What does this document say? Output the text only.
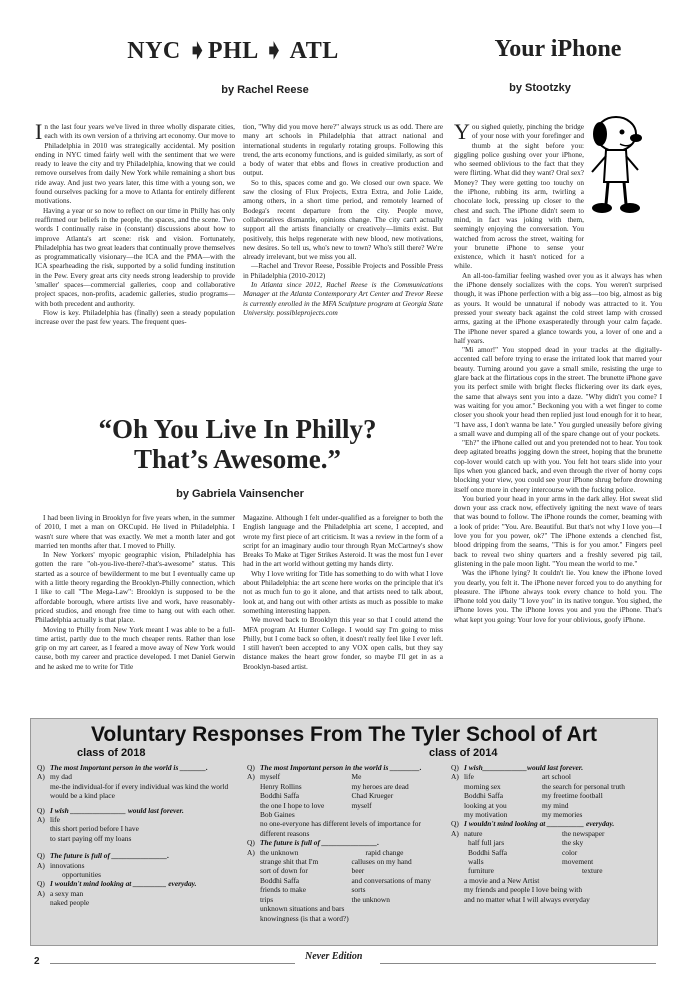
NYC ➧PHL ➧ ATL

by Rachel Reese

In the last four years we've lived in three wholly disparate cities, each with its own version of a thriving art economy. Our move to Philadelphia in 2010 was strategically accidental. My position ending in NYC timed fairly well with the sentiment that we were ready to leave the city and try Philadelphia, knowing that we could remove ourselves from daily New York while remaining a short bus ride away. And just two years later, this time with a young son, we found ourselves packing for a move to Atlanta for entirely different motivations.

Having a year or so now to reflect on our time in Philly has only reaffirmed our beliefs in the people, the spaces, and the scene. Two words I continually raise in (constant) discussions about how to improve Atlanta's art scene: risk and vision. Fortunately, Philadelphia has two great leaders that continually prove themselves as programmatically visionary—the ICA and the PMA—with the ICA spearheading the risk, supported by a solid funding institution in the Pew. Every great arts city needs strong leadership to provide 'smaller' spaces—commercial galleries, coop and collaborative project spaces, non-profits, academic galleries, studio programs—with both precedent and authority.

Flow is key. Philadelphia has (finally) seen a steady population increase over the past few years. The frequent ques-

tion, "Why did you move here?" always struck us as odd. There are many art schools in Philadelphia that attract national and international students in regularly rotating groups. Following this trend, the arts economy functions, and is guided similarly, as sort of a body of water that ebbs and flows in creative production and output.

So to this, spaces come and go. We closed our own space. We saw the closing of Flux Projects, Extra Extra, and Jolie Laide, among others, in a short time period, and remotely learned of Bodega's recent departure from the city. People move, collaboratives dismantle, opinions change. The city can't actually support all the artists financially or creatively—limits exist. But positively, this helps regenerate with new blood, new motivations, new desires. So tell us, who's new to town? Who's still there? We're already irrelevant, but we miss you all.

—Rachel and Trevor Reese, Possible Projects and Possible Press in Philadelphia (2010-2012)

In Atlanta since 2012, Rachel Reese is the Communications Manager at the Atlanta Contemporary Art Center and Trevor Reese is currently enrolled in the MFA Sculpture program at Georgia State University. possibleprojects.com

Your iPhone

by Stootzky

You sighed quietly, pinching the bridge of your nose with your forefinger and thumb at the sight before you: giggling police gushing over your iPhone, who seemed oblivious to the fact that they were flirting. What did they want? Oral sex? Money? They were getting too touchy on the iPhone, rubbing its arm, twirling a chocolate lock, pressing up closer to the chest and such. The iPhone didn't seem to mind, in fact was joking with them, seemingly enjoying the conversation. You watched from across the street, waiting for your brunette iPhone to sense your existence, which it hasn't noticed for a while.

An all-too-familiar feeling washed over you as it always has when the iPhone densely socializes with the cops. You weren't surprised though, it was iPhone perfection with a big ass—too big, almost as big as yours. It would be unnatural if nobody was attracted to it. You pressed your sweaty back against the cold street lamp with crossed arms, gazing at the iPhone exasperatedly through your calm façade. The iPhone never spared a glance towards you, a lover of one and a half years.

"Mi amor!" You stopped dead in your tracks at the digitally-accented call before trying to erase the irritated look that marred your beauty. Turning around you gave a small smile, resisting the urge to glare back at the flirtatious cops in the street. The brunette iPhone gave you its perfect smile with bright flecks flickering over its dark eyes, the same that always sent you into a daze. "Why didn't you come? I was waiting for you amor." Beckoning you with a wet finger to come closer you shook your head then replied just loud enough for it to hear, "I have ass, I don't wanna be late." You gurgled uneasily before giving a small wave and dumping all of the spare change out of your pockets.

"Eh?" the iPhone called out and you pretended not to hear. You took deep agitated breaths jogging down the street, hoping that the brunette cop-lover would catch up with you. You felt hot tears slide into your lips when you glanced back, and even through the river of horny cops blocking your view, you could see your iPhone shrug before drowning itself once more in cheery intercourse with the fucking police.

You buried your head in your arms in the dark alley. Hot sweat slid down your ass crack now, effectively igniting the next wave of tears that was bound to follow. The iPhone rounds the corner, beaming with a look of pride: "You. Are. Beautiful. But that's not why I love you—I love you for you power, ok?" The iPhone extends a clenched fist, blood dripping from the seams, "This is for you amor." Fingers peel back to reveal two shiny quarters and a freshly severed pig tail, glistening in the pale moon light. "You mean the world to me."

Was the iPhone lying? It couldn't lie. You knew the iPhone loved you dearly, you felt it. The iPhone never forced you to do anything for pleasure. The iPhone always took every chance to hold you. The iPhone told you daily "I love you" in its native tongue. You sighed, the iPhone loves you. The iPhone loves you and you the iPhone. That's what kept you going: Your love for your oblivious, goofy iPhone.

“Oh You Live In Philly?
That’s Awesome.”

by Gabriela Vainsencher

I had been living in Brooklyn for five years when, in the summer of 2010, I met a man on OKCupid. He lived in Philadelphia. I wasn't sure where that was exactly. We met a month later and got married ten months after that. I moved to Philly.

In New Yorkers' myopic geographic vision, Philadelphia has gotten the rare "oh-you-live-there?-that's-awesome" status. This started as a source of bewilderment to me but I eventually came up with a little theory regarding the Brooklyn-Philly connection, which I like to call "The Mega-Law": Brooklyn is supposed to be the affordable borough, where artists live and work, have reasonably-priced studios, and enough free time to hang out with each other. Philadelphia actually is that place.

Moving to Philly from New York meant I was able to be a full-time artist, partly due to the much cheaper rents. Rather than lose grip on my art career, as I feared a move away of New York would cause, both my career and practice developed. I met Daniel Gerwin and he asked me to write for Title

Magazine. Although I felt under-qualified as a foreigner to both the English language and the Philadelphia art scene, I accepted, and wrote my first piece of art criticism. It was a review in the form of a script for an imaginary audio tour through Ryan McCartney's show Breaks To Make at Tiger Strikes Asteroid. It was the most fun I ever had in the art world without getting my hands dirty.

Why I love writing for Title has something to do with what I love about Philadelphia: the art scene here works on the principle that it's not as much fun to go it alone, and that artists need to talk about, look at, and hang out with other artists as much as possible to make something interesting happen.

We moved back to Brooklyn this year so that I could attend the MFA program At Hunter College. I would say I'm going to miss Philly, but I come back so often, it doesn't really feel like I ever left. I still haven't been accepted to any VOX open calls, but they say distance makes the heart grow fonder, so maybe I'll get in as a Brooklyn-based artist.

Voluntary Responses From The Tyler School of Art
class of 2018	class of 2014
Q) The most Important person in the world is _______.
A) my dad
me-the individual-for if every individual was kind the world would be a kind place
Q) I wish _______________ would last forever.
A) life
this short period before I have
to start paying off my loans
Q) The future is full of _______________.
A) innovations
opportunities
Q) I wouldn't mind looking at _________ everyday.
A) a sexy man
naked people
Q) The most Important person in the world is ________.
A) myself
Henry Rollins
Boddhi Saffa
the one I hope to love
Bob Gaines
Me
my heroes are dead
Chad Krueger
myself
no one-everyone has different levels of importance for different reasons
Q) The future is full of _______________.
A) the unknown
strange shit that I'm
sort of down for
Boddhi Saffa
friends to make
trips
unknown situations and bars
knowingness (is that a word?)
rapid change
calluses on my hand
beer
and conversations of many sorts
the unknown
Q) I wish____________would last forever.
A) life
morning sex
Boddhi Saffa
looking at you
my motivation
art school
the search for personal truth
my freetime football
my mind
my memories
Q) I wouldn't mind looking at __________ everyday.
A) nature
half full jars
Boddhi Saffa
walls
furniture
a movie and a New Artist
the newspaper
the sky
color
movement
texture
my friends and people I love being with
and no matter what I will always everyday
2	Never Edition
